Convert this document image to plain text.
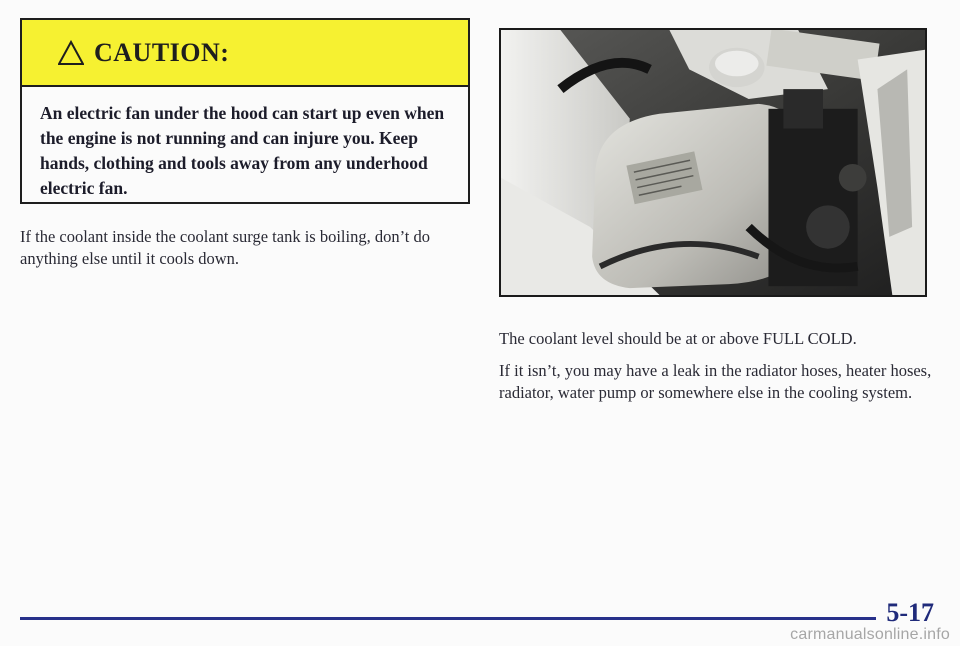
CAUTION:
An electric fan under the hood can start up even when the engine is not running and can injure you. Keep hands, clothing and tools away from any underhood electric fan.
If the coolant inside the coolant surge tank is boiling, don’t do anything else until it cools down.

The coolant level should be at or above FULL COLD.

If it isn’t, you may have a leak in the radiator hoses, heater hoses, radiator, water pump or somewhere else in the cooling system.

5-17
carmanualsonline.info
